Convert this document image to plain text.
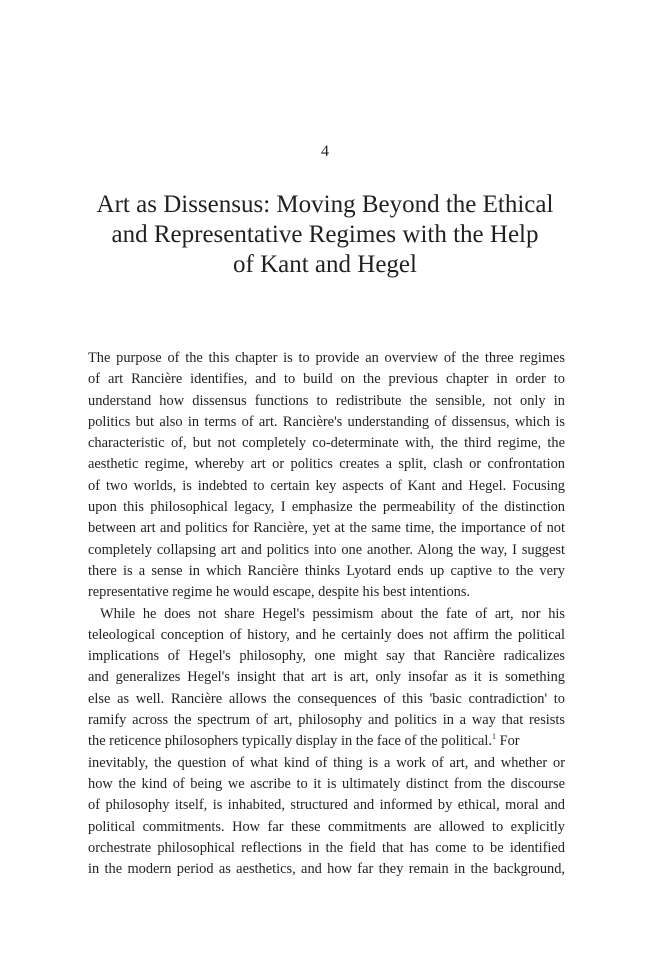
4
Art as Dissensus: Moving Beyond the Ethical
and Representative Regimes with the Help
of Kant and Hegel
The purpose of the this chapter is to provide an overview of the three regimes
of art Rancière identifies, and to build on the previous chapter in order to
understand how dissensus functions to redistribute the sensible, not only in
politics but also in terms of art. Rancière's understanding of dissensus, which is
characteristic of, but not completely co-determinate with, the third regime, the
aesthetic regime, whereby art or politics creates a split, clash or confrontation
of two worlds, is indebted to certain key aspects of Kant and Hegel. Focusing
upon this philosophical legacy, I emphasize the permeability of the distinction
between art and politics for Rancière, yet at the same time, the importance of not
completely collapsing art and politics into one another. Along the way, I suggest
there is a sense in which Rancière thinks Lyotard ends up captive to the very
representative regime he would escape, despite his best intentions.
While he does not share Hegel's pessimism about the fate of art, nor his
teleological conception of history, and he certainly does not affirm the political
implications of Hegel's philosophy, one might say that Rancière radicalizes
and generalizes Hegel's insight that art is art, only insofar as it is something
else as well. Rancière allows the consequences of this 'basic contradiction' to
ramify across the spectrum of art, philosophy and politics in a way that resists
the reticence philosophers typically display in the face of the political.$^1$ For
inevitably, the question of what kind of thing is a work of art, and whether or
how the kind of being we ascribe to it is ultimately distinct from the discourse
of philosophy itself, is inhabited, structured and informed by ethical, moral and
political commitments. How far these commitments are allowed to explicitly
orchestrate philosophical reflections in the field that has come to be identified
in the modern period as aesthetics, and how far they remain in the background,
